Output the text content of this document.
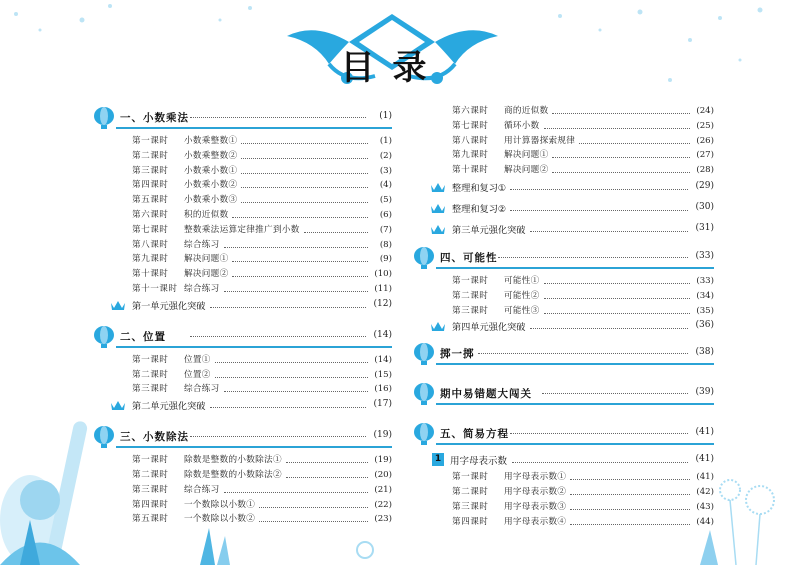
目录
一、小数乘法	(1)
第一课时 小数乘整数①	(1)
第二课时 小数乘整数②	(2)
第三课时 小数乘小数①	(3)
第四课时 小数乘小数②	(4)
第五课时 小数乘小数③	(5)
第六课时 积的近似数	(6)
第七课时 整数乘法运算定律推广到小数	(7)
第八课时 综合练习	(8)
第九课时 解决问题①	(9)
第十课时 解决问题②	(10)
第十一课时 综合练习	(11)
第一单元强化突破	(12)
二、位置	(14)
第一课时 位置①	(14)
第二课时 位置②	(15)
第三课时 综合练习	(16)
第二单元强化突破	(17)
三、小数除法	(19)
第一课时 除数是整数的小数除法①	(19)
第二课时 除数是整数的小数除法②	(20)
第三课时 综合练习	(21)
第四课时 一个数除以小数①	(22)
第五课时 一个数除以小数②	(23)
第六课时 商的近似数	(24)
第七课时 循环小数	(25)
第八课时 用计算器探索规律	(26)
第九课时 解决问题①	(27)
第十课时 解决问题②	(28)
整理和复习①	(29)
整理和复习②	(30)
第三单元强化突破	(31)
四、可能性	(33)
第一课时 可能性①	(33)
第二课时 可能性②	(34)
第三课时 可能性③	(35)
第四单元强化突破	(36)
掷一掷	(38)
期中易错题大闯关	(39)
五、简易方程	(41)
1 用字母表示数	(41)
第一课时 用字母表示数①	(41)
第二课时 用字母表示数②	(42)
第三课时 用字母表示数③	(43)
第四课时 用字母表示数④	(44)
